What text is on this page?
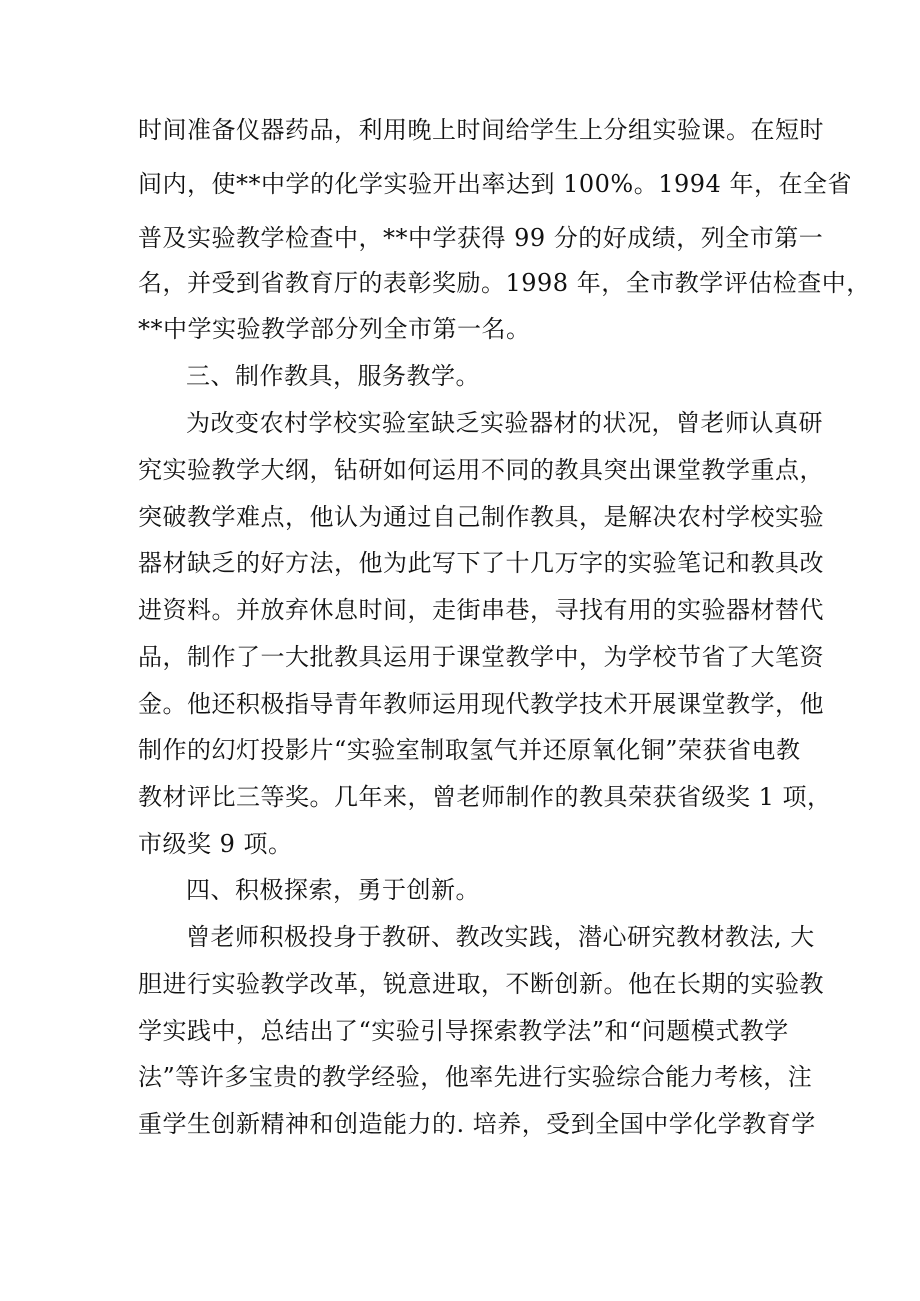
时间准备仪器药品，利用晚上时间给学生上分组实验课。在短时
间内，使**中学的化学实验开出率达到 100%。1994 年，在全省
普及实验教学检查中，**中学获得 99 分的好成绩，列全市第一
名，并受到省教育厅的表彰奖励。1998 年，全市教学评估检查中，
**中学实验教学部分列全市第一名。
三、制作教具，服务教学。
为改变农村学校实验室缺乏实验器材的状况，曾老师认真研
究实验教学大纲，钻研如何运用不同的教具突出课堂教学重点，
突破教学难点，他认为通过自己制作教具，是解决农村学校实验
器材缺乏的好方法，他为此写下了十几万字的实验笔记和教具改
进资料。并放弃休息时间，走街串巷，寻找有用的实验器材替代
品，制作了一大批教具运用于课堂教学中，为学校节省了大笔资
金。他还积极指导青年教师运用现代教学技术开展课堂教学，他
制作的幻灯投影片“实验室制取氢气并还原氧化铜”荣获省电教
教材评比三等奖。几年来，曾老师制作的教具荣获省级奖 1 项，
市级奖 9 项。
四、积极探索，勇于创新。
曾老师积极投身于教研、教改实践，潜心研究教材教法, 大
胆进行实验教学改革，锐意进取，不断创新。他在长期的实验教
学实践中，总结出了“实验引导探索教学法”和“问题模式教学
法”等许多宝贵的教学经验，他率先进行实验综合能力考核，注
重学生创新精神和创造能力的. 培养，受到全国中学化学教育学
